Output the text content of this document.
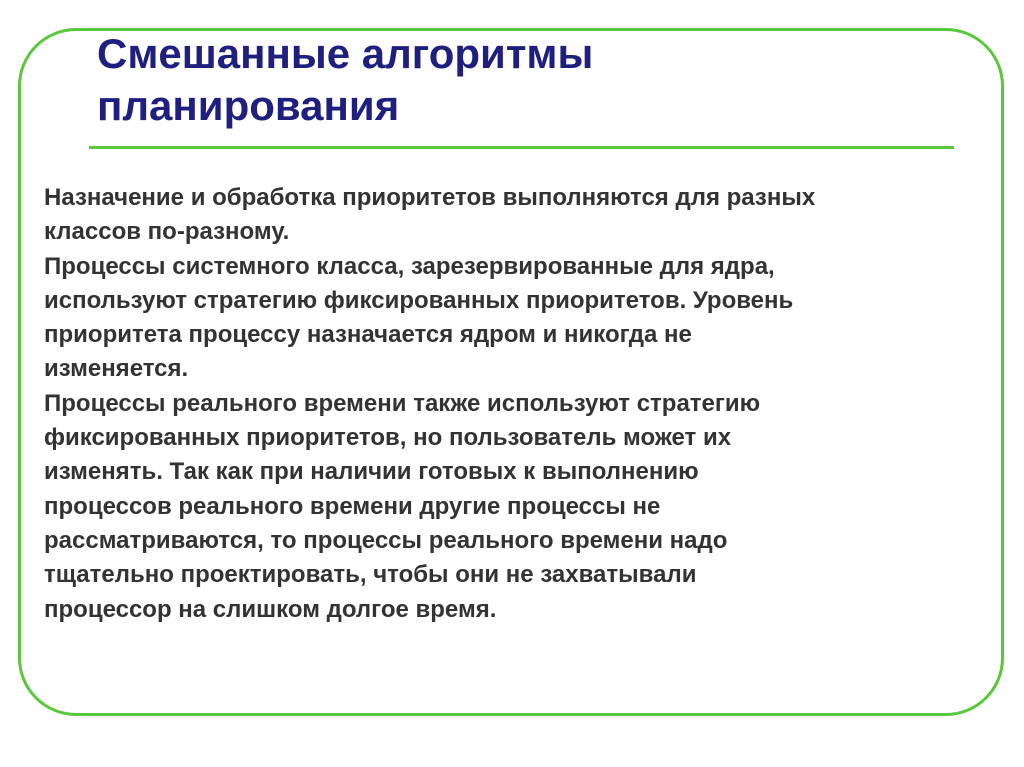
Смешанные алгоритмы
планирования
Назначение и обработка приоритетов выполняются для разных
классов по-разному.
Процессы системного класса, зарезервированные для ядра,
используют стратегию фиксированных приоритетов. Уровень
приоритета процессу назначается ядром и никогда не
изменяется.
Процессы реального времени также используют стратегию
фиксированных приоритетов, но пользователь может их
изменять. Так как при наличии готовых к выполнению
процессов реального времени другие процессы не
рассматриваются, то процессы реального времени надо
тщательно проектировать, чтобы они не захватывали
процессор на слишком долгое время.
